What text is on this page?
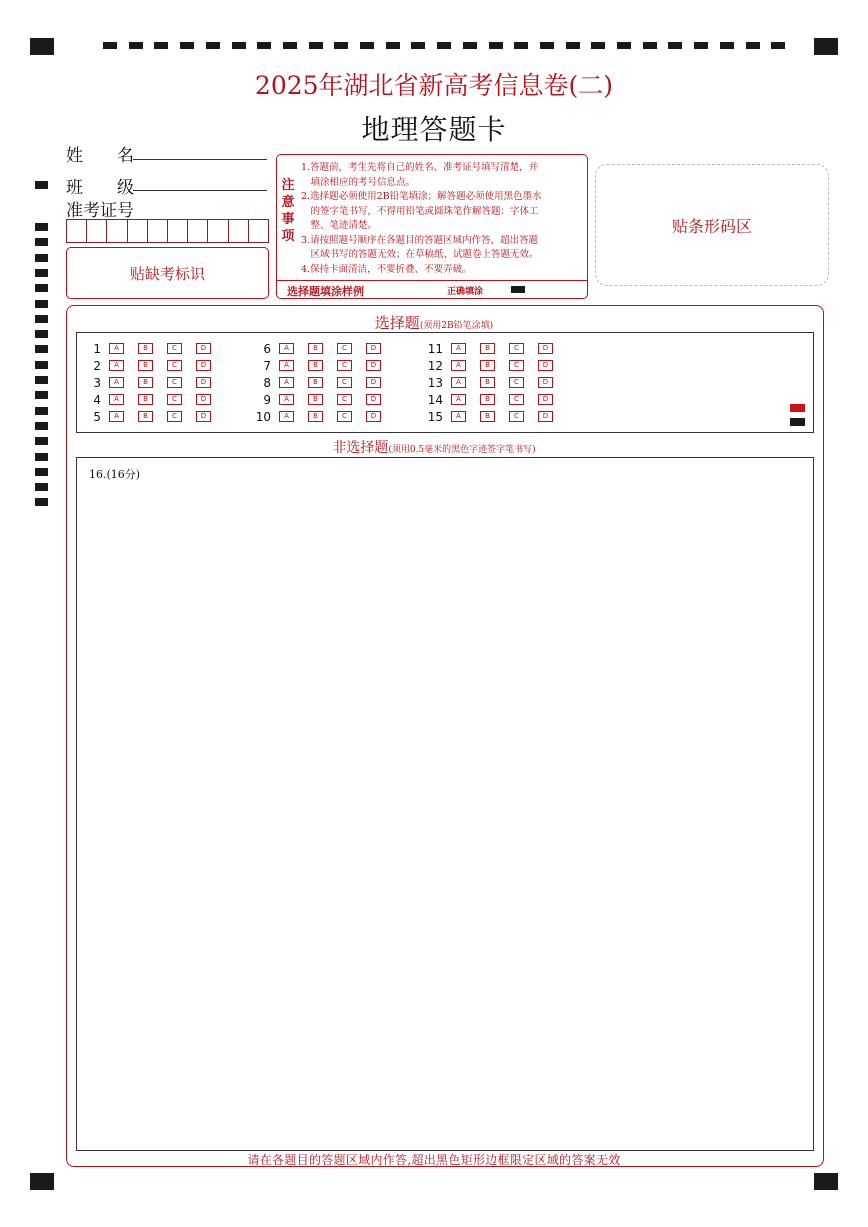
2025年湖北省新高考信息卷(二)
地理答题卡
姓　　名
班　　级
准考证号
贴缺考标识
注
意
事
项
1.答题前，考生先将自己的姓名、准考证号填写清楚，并
　填涂相应的考号信息点。
2.选择题必须使用2B铅笔填涂；解答题必须使用黑色墨水
　的签字笔书写，不得用铅笔或圆珠笔作解答题：字体工
　整、笔迹清楚。
3.请按照题号顺序在各题目的答题区域内作答，超出答题
　区域书写的答题无效；在草稿纸、试题卷上答题无效。
4.保持卡面清洁，不要折叠、不要弄破。
选择题填涂样例	正确填涂
贴条形码区
选择题(须用2B铅笔涂填)
1	A	B	C	D
2	A	B	C	D
3	A	B	C	D
4	A	B	C	D
5	A	B	C	D
6	A	B	C	D
7	A	B	C	D
8	A	B	C	D
9	A	B	C	D
10	A	B	C	D
11	A	B	C	D
12	A	B	C	D
13	A	B	C	D
14	A	B	C	D
15	A	B	C	D
非选择题(须用0.5毫米的黑色字迹签字笔书写)
16.(16分)
请在各题目的答题区域内作答,超出黑色矩形边框限定区域的答案无效
